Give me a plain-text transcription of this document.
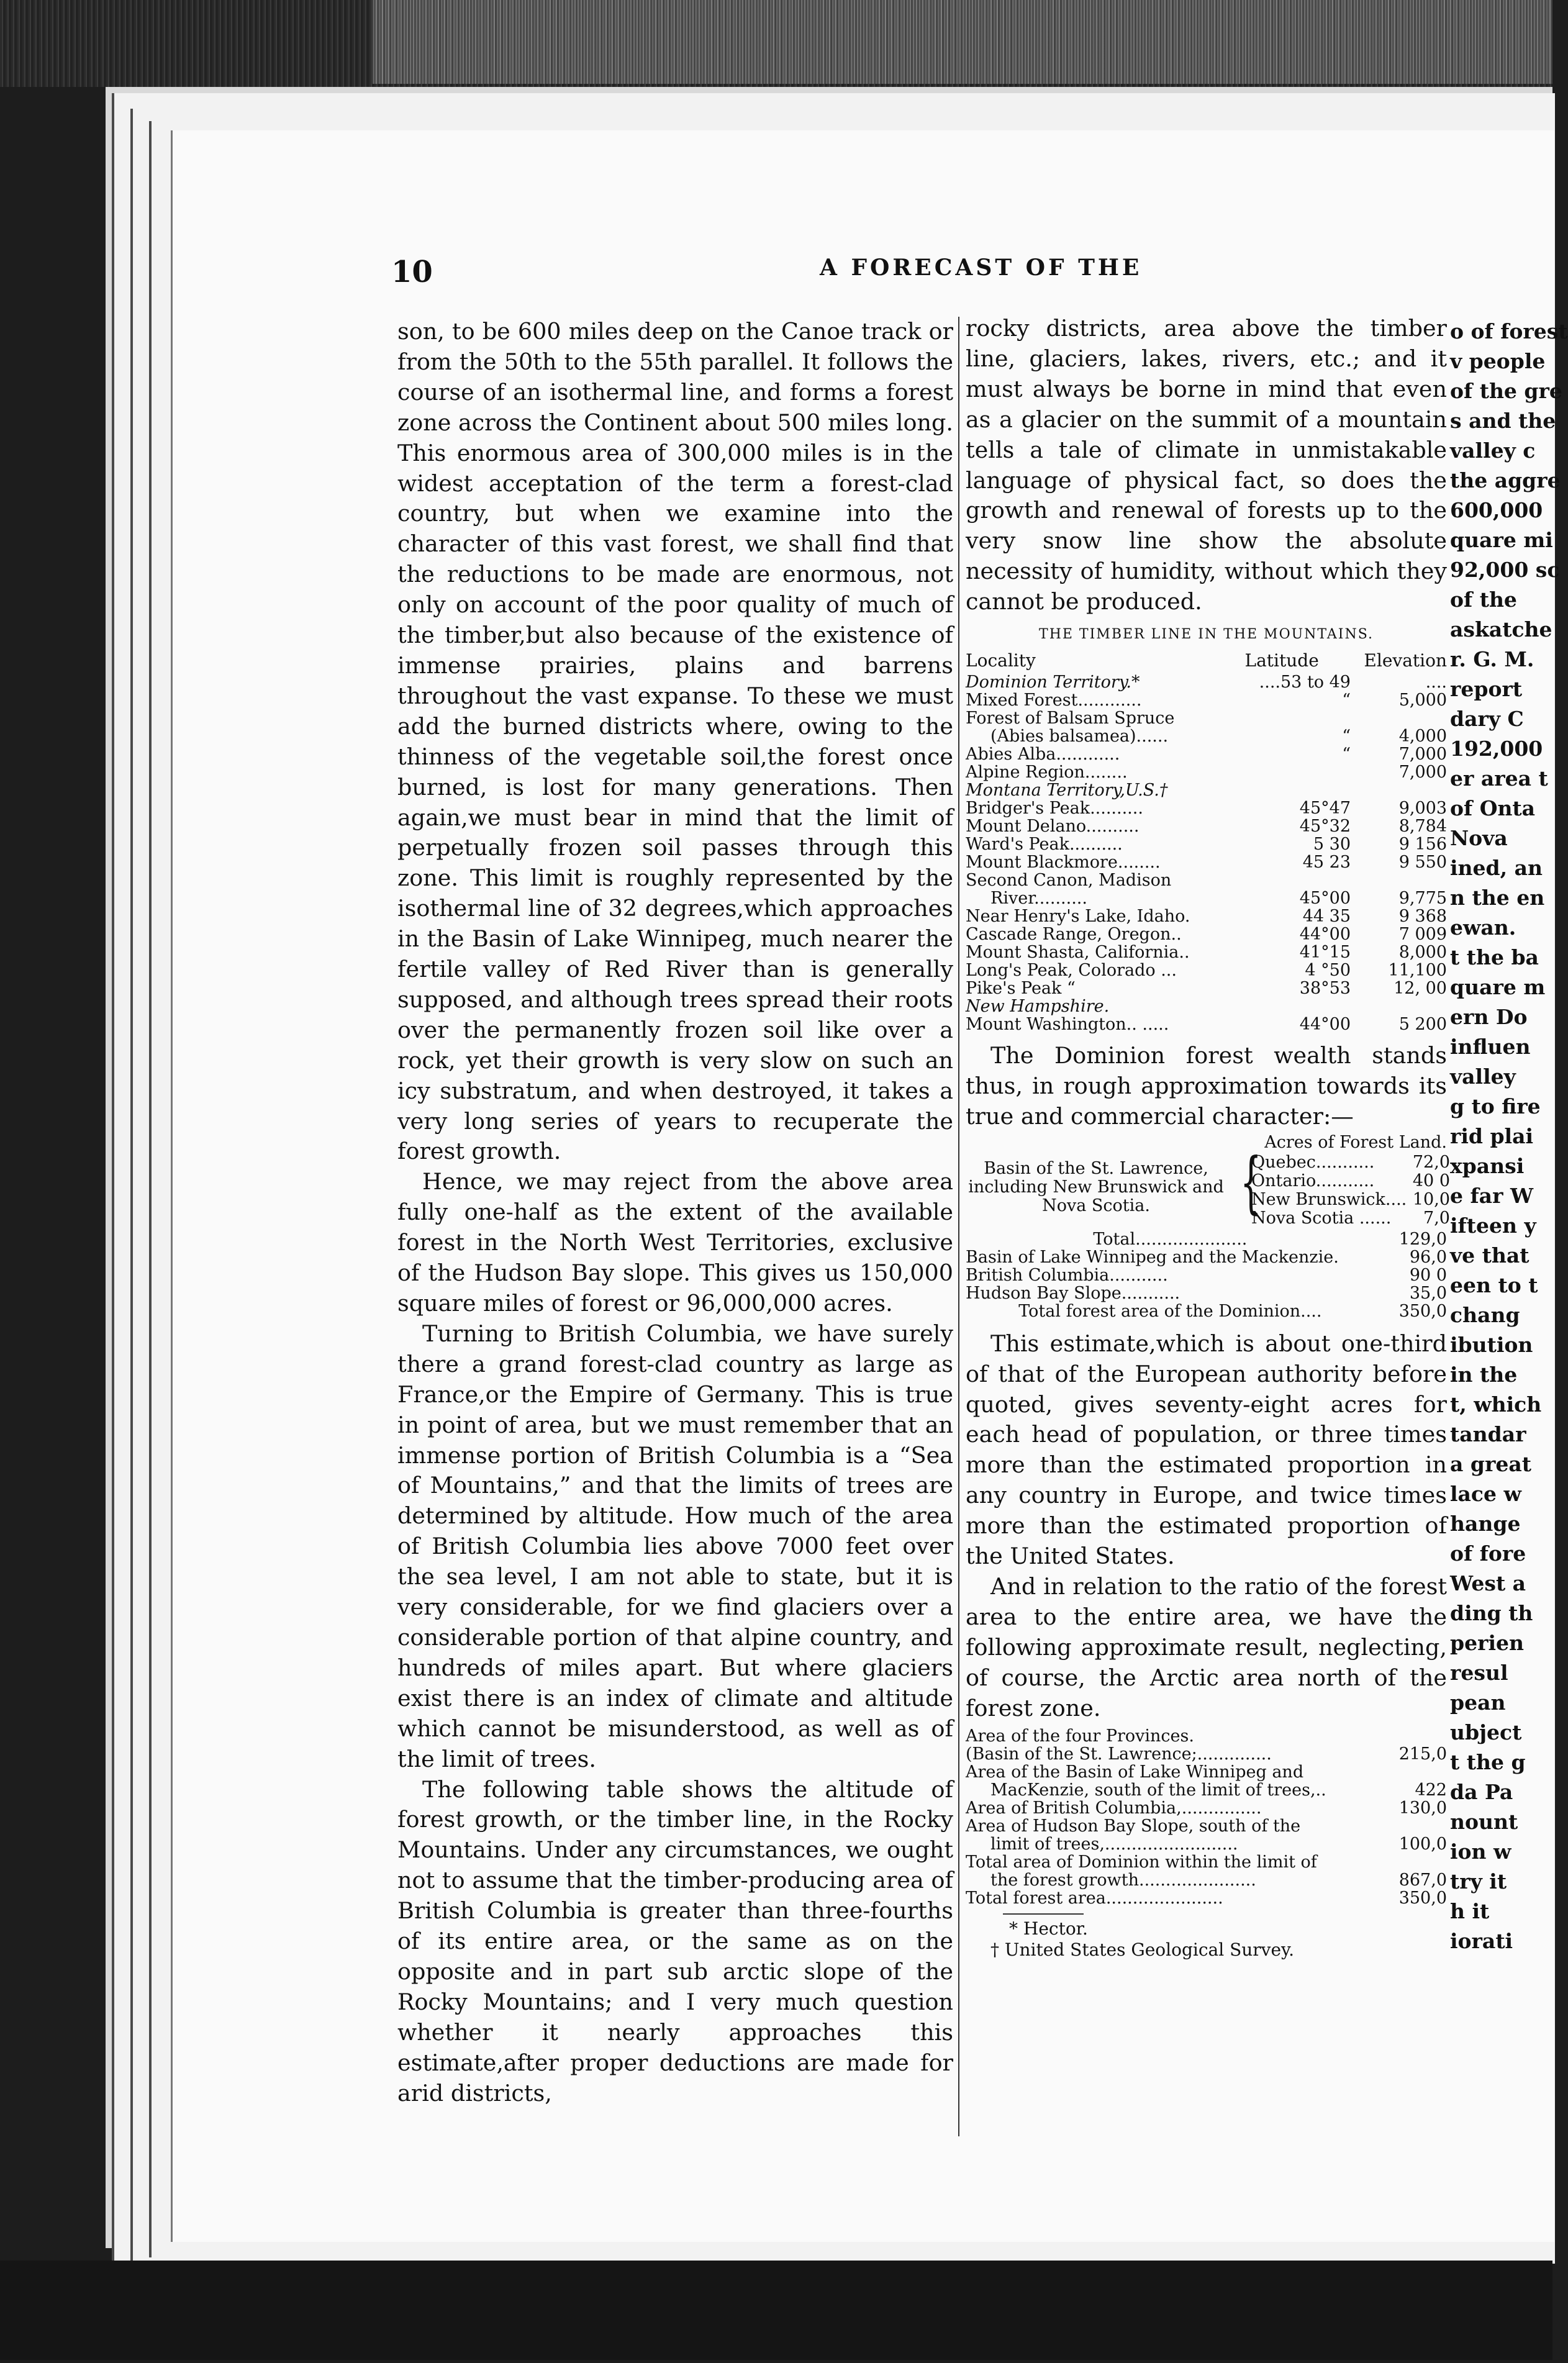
10	A FORECAST OF THE

son, to be 600 miles deep on the Canoe track or from the 50th to the 55th parallel. It follows the course of an isothermal line, and forms a forest zone across the Continent about 500 miles long. This enormous area of 300,000 miles is in the widest acceptation of the term a forest-clad country, but when we examine into the character of this vast forest, we shall find that the reductions to be made are enormous, not only on account of the poor quality of much of the timber,but also because of the existence of immense prairies, plains and barrens throughout the vast expanse. To these we must add the burned districts where, owing to the thinness of the vegetable soil,the forest once burned, is lost for many generations. Then again,we must bear in mind that the limit of perpetually frozen soil passes through this zone. This limit is roughly represented by the isothermal line of 32 degrees,which approaches in the Basin of Lake Winnipeg, much nearer the fertile valley of Red River than is generally supposed, and although trees spread their roots over the permanently frozen soil like over a rock, yet their growth is very slow on such an icy substratum, and when destroyed, it takes a very long series of years to recuperate the forest growth.

Hence, we may reject from the above area fully one-half as the extent of the available forest in the North West Territories, exclusive of the Hudson Bay slope. This gives us 150,000 square miles of forest or 96,000,000 acres.

Turning to British Columbia, we have surely there a grand forest-clad country as large as France,or the Empire of Germany. This is true in point of area, but we must remember that an immense portion of British Columbia is a “Sea of Mountains,” and that the limits of trees are determined by altitude. How much of the area of British Columbia lies above 7000 feet over the sea level, I am not able to state, but it is very considerable, for we find glaciers over a considerable portion of that alpine country, and hundreds of miles apart. But where glaciers exist there is an index of climate and altitude which cannot be misunderstood, as well as of the limit of trees.

The following table shows the altitude of forest growth, or the timber line, in the Rocky Mountains. Under any circumstances, we ought not to assume that the timber-producing area of British Columbia is greater than three-fourths of its entire area, or the same as on the opposite and in part sub arctic slope of the Rocky Mountains; and I very much question whether it nearly approaches this estimate,after proper deductions are made for arid districts,

rocky districts, area above the timber line, glaciers, lakes, rivers, etc.; and it must always be borne in mind that even as a glacier on the summit of a mountain tells a tale of climate in unmistakable language of physical fact, so does the growth and renewal of forests up to the very snow line show the absolute necessity of humidity, without which they cannot be produced.

THE TIMBER LINE IN THE MOUNTAINS.
Locality	Latitude	Elevation
Dominion Territory.*	....53 to 49	....
Mixed Forest............	“	5,000
Forest of Balsam Spruce		
(Abies balsamea)......	“	4,000
Abies Alba............	“	7,000
Alpine Region........		7,000
Montana Territory,U.S.†		
Bridger's Peak..........	45°47	9,003
Mount Delano..........	45°32	8,784
Ward's Peak..........	5 30	9 156
Mount Blackmore........	45 23	9 550
Second Canon, Madison		
River..........	45°00	9,775
Near Henry's Lake, Idaho.	44 35	9 368
Cascade Range, Oregon..	44°00	7 009
Mount Shasta, California..	41°15	8,000
Long's Peak, Colorado ...	4 °50	11,100
Pike's Peak “	38°53	12, 00
New Hampshire.		
Mount Washington.. .....	44°00	5 200

The Dominion forest wealth stands thus, in rough approximation towards its true and commercial character:—

Acres of Forest Land.
Basin of the St. Lawrence, including New Brunswick and Nova Scotia.	{
Quebec........... 72,0
Ontario........... 40 0
New Brunswick.... 10,0
Nova Scotia ...... 7,0
Total.....................	129,0
Basin of Lake Winnipeg and the Mackenzie.	96,0
British Columbia...........	90 0
Hudson Bay Slope...........	35,0
Total forest area of the Dominion....	350,0

This estimate,which is about one-third of that of the European authority before quoted, gives seventy-eight acres for each head of population, or three times more than the estimated proportion in any country in Europe, and twice times more than the estimated proportion of the United States.

And in relation to the ratio of the forest area to the entire area, we have the following approximate result, neglecting, of course, the Arctic area north of the forest zone.

Area of the four Provinces.	
(Basin of the St. Lawrence;..............	215,0
Area of the Basin of Lake Winnipeg and	
MacKenzie, south of the limit of trees,..	422
Area of British Columbia,...............	130,0
Area of Hudson Bay Slope, south of the	
limit of trees,.........................	100,0
Total area of Dominion within the limit of	
the forest growth......................	867,0
Total forest area......................	350,0
* Hector.
† United States Geological Survey.
o of forest
v people
of the gre
s and the
valley c
the aggre
600,000
quare mi
92,000 sc
of the
askatche
r. G. M.
report
dary C
192,000
er area t
of Onta
Nova
ined, an
n the en
ewan.
t the ba
quare m
ern Do
influen
valley
g to fire
rid plai
xpansi
e far W
ifteen y
ve that
een to t
chang
ibution
in the
t, which
tandar
a great
lace w
hange
of fore
West a
ding th
perien
resul
pean
ubject
t the g
da Pa
nount
ion w
try it
h it
iorati
